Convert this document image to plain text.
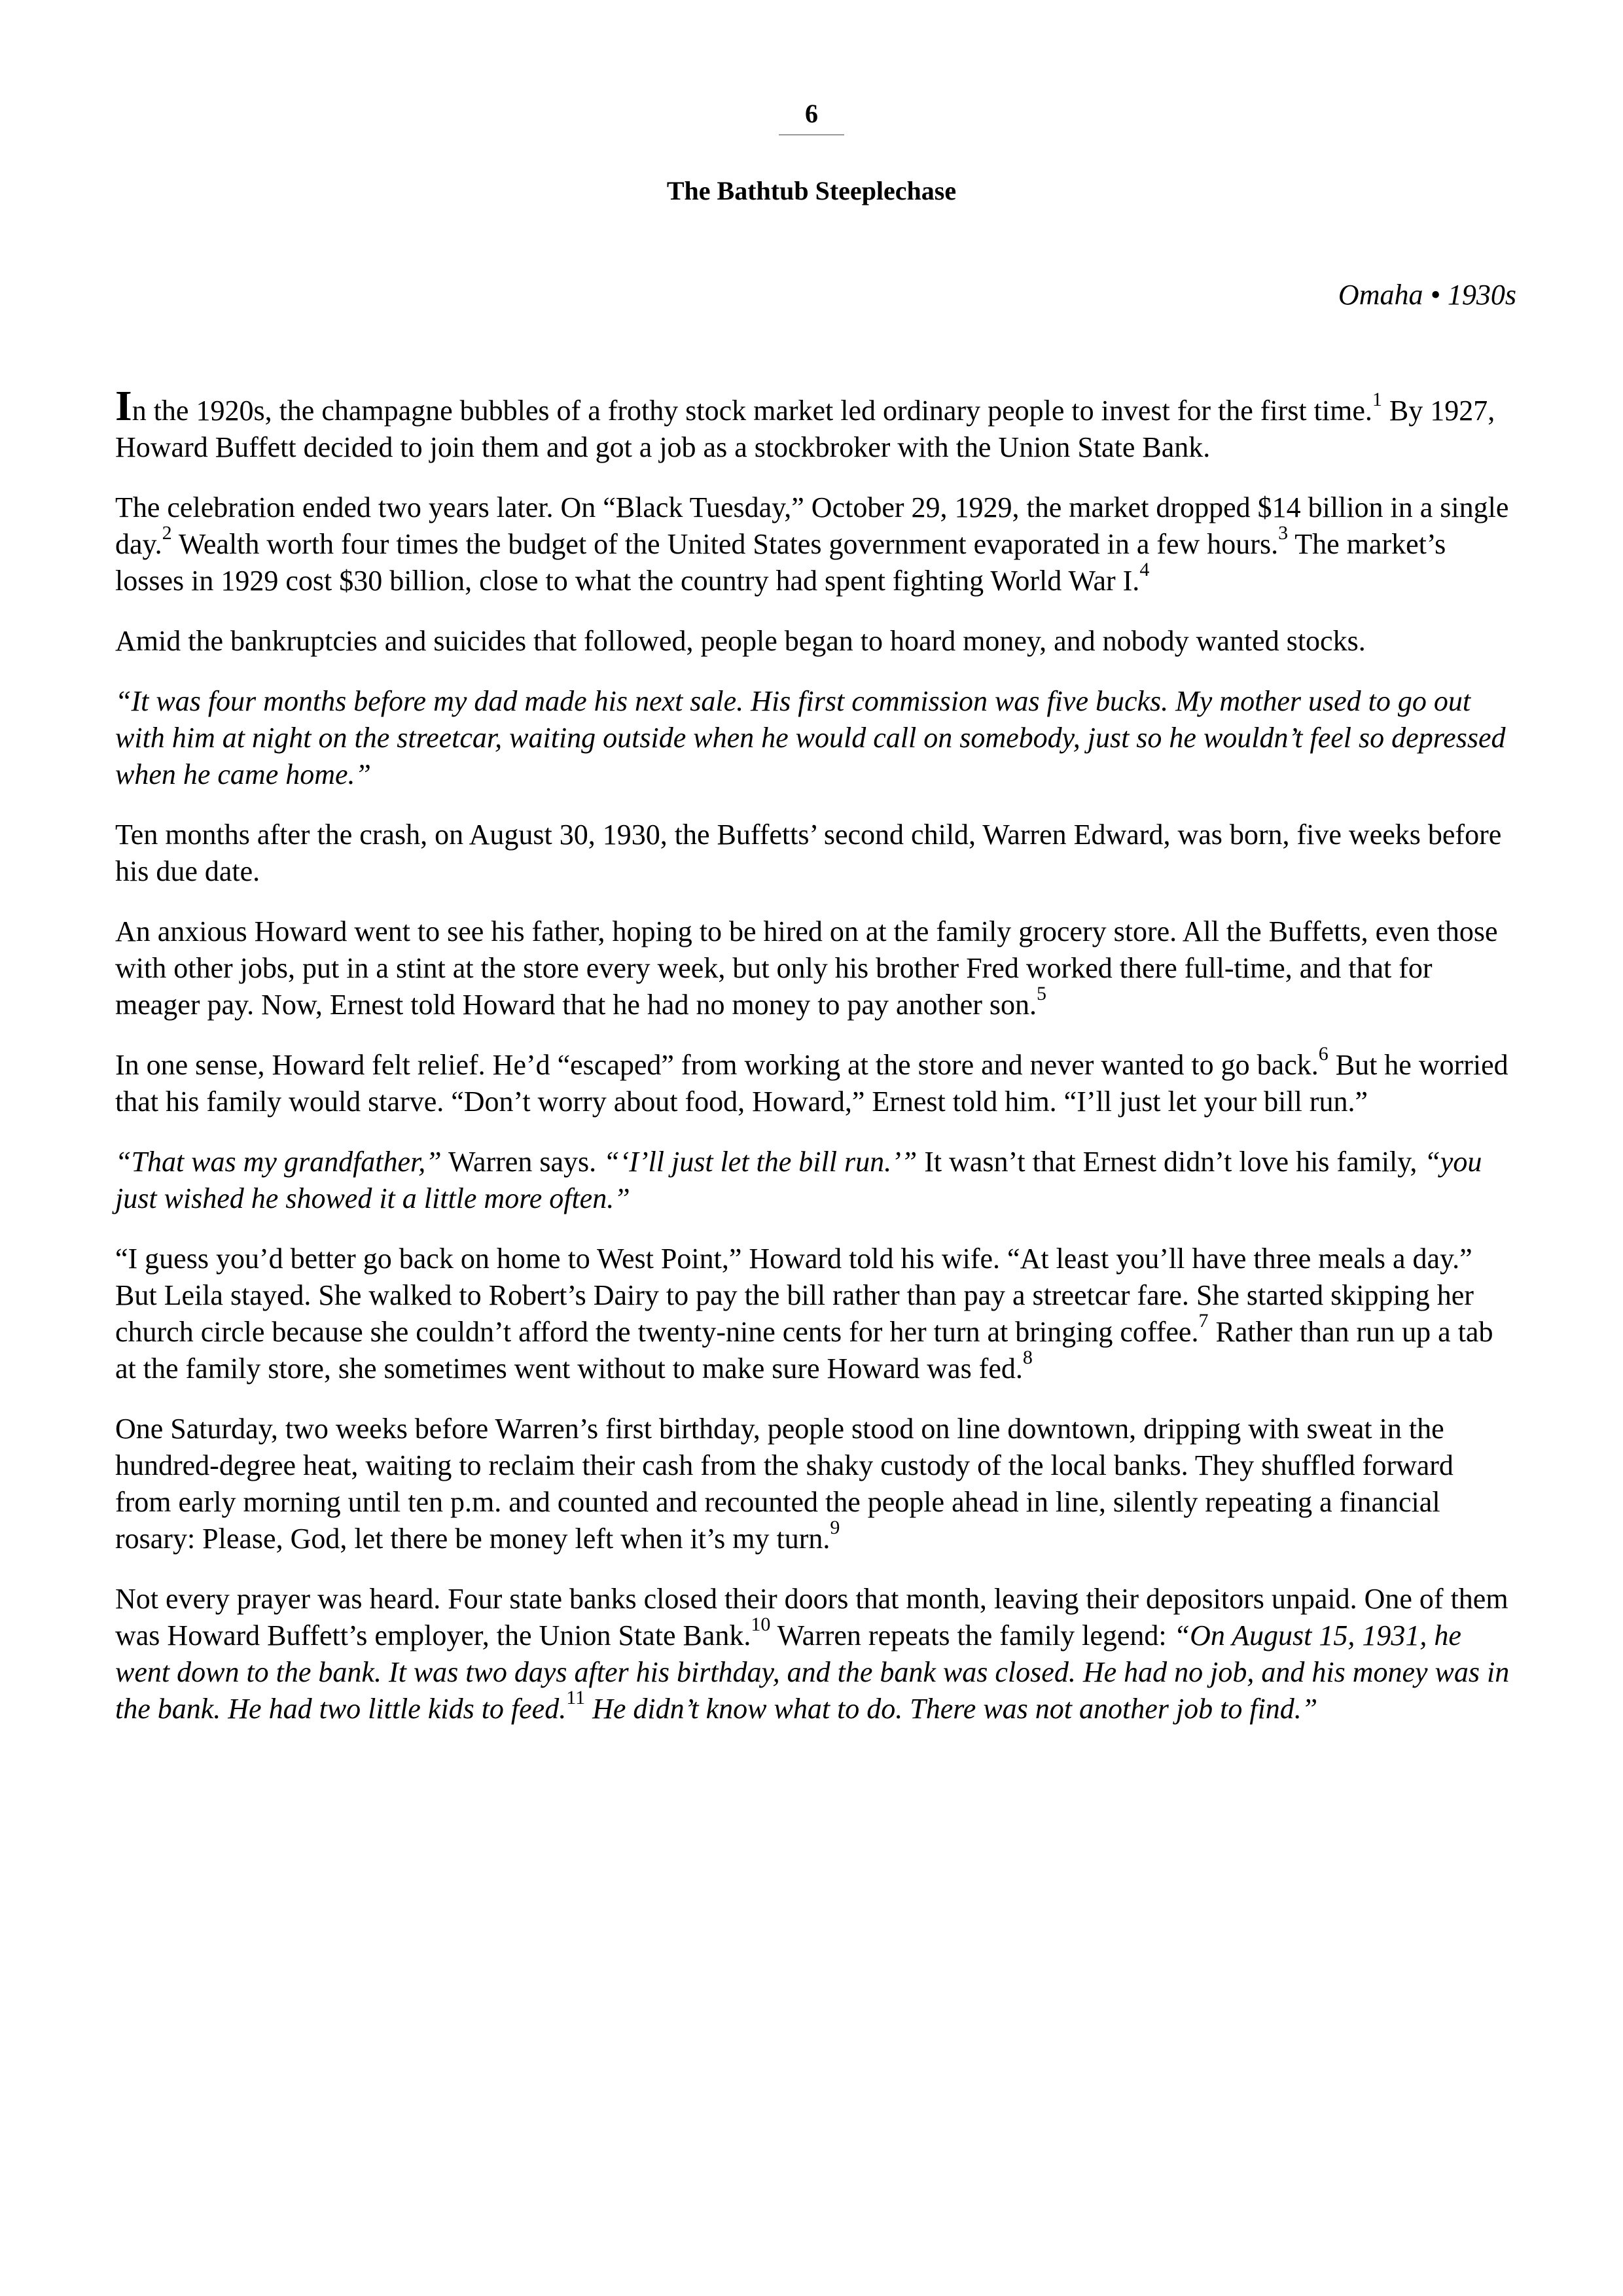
6
The Bathtub Steeplechase
Omaha • 1930s

In the 1920s, the champagne bubbles of a frothy stock market led ordinary people to invest for the first time.$^1$ By 1927, Howard Buffett decided to join them and got a job as a stockbroker with the Union State Bank.

The celebration ended two years later. On “Black Tuesday,” October 29, 1929, the market dropped $14 billion in a single day.$^2$ Wealth worth four times the budget of the United States government evaporated in a few hours.$^3$ The market’s losses in 1929 cost $30 billion, close to what the country had spent fighting World War I.$^4$

Amid the bankruptcies and suicides that followed, people began to hoard money, and nobody wanted stocks.

“It was four months before my dad made his next sale. His first commission was five bucks. My mother used to go out with him at night on the streetcar, waiting outside when he would call on somebody, just so he wouldn’t feel so depressed when he came home.”

Ten months after the crash, on August 30, 1930, the Buffetts’ second child, Warren Edward, was born, five weeks before his due date.

An anxious Howard went to see his father, hoping to be hired on at the family grocery store. All the Buffetts, even those with other jobs, put in a stint at the store every week, but only his brother Fred worked there full-time, and that for meager pay. Now, Ernest told Howard that he had no money to pay another son.$^5$

In one sense, Howard felt relief. He’d “escaped” from working at the store and never wanted to go back.$^6$ But he worried that his family would starve. “Don’t worry about food, Howard,” Ernest told him. “I’ll just let your bill run.”

“That was my grandfather,” Warren says. “‘I’ll just let the bill run.’” It wasn’t that Ernest didn’t love his family, “you just wished he showed it a little more often.”

“I guess you’d better go back on home to West Point,” Howard told his wife. “At least you’ll have three meals a day.” But Leila stayed. She walked to Robert’s Dairy to pay the bill rather than pay a streetcar fare. She started skipping her church circle because she couldn’t afford the twenty-nine cents for her turn at bringing coffee.$^7$ Rather than run up a tab at the family store, she sometimes went without to make sure Howard was fed.$^8$

One Saturday, two weeks before Warren’s first birthday, people stood on line downtown, dripping with sweat in the hundred-degree heat, waiting to reclaim their cash from the shaky custody of the local banks. They shuffled forward from early morning until ten p.m. and counted and recounted the people ahead in line, silently repeating a financial rosary: Please, God, let there be money left when it’s my turn.$^9$

Not every prayer was heard. Four state banks closed their doors that month, leaving their depositors unpaid. One of them was Howard Buffett’s employer, the Union State Bank.$^{10}$ Warren repeats the family legend: “On August 15, 1931, he went down to the bank. It was two days after his birthday, and the bank was closed. He had no job, and his money was in the bank. He had two little kids to feed.$^{11}$ He didn’t know what to do. There was not another job to find.”
